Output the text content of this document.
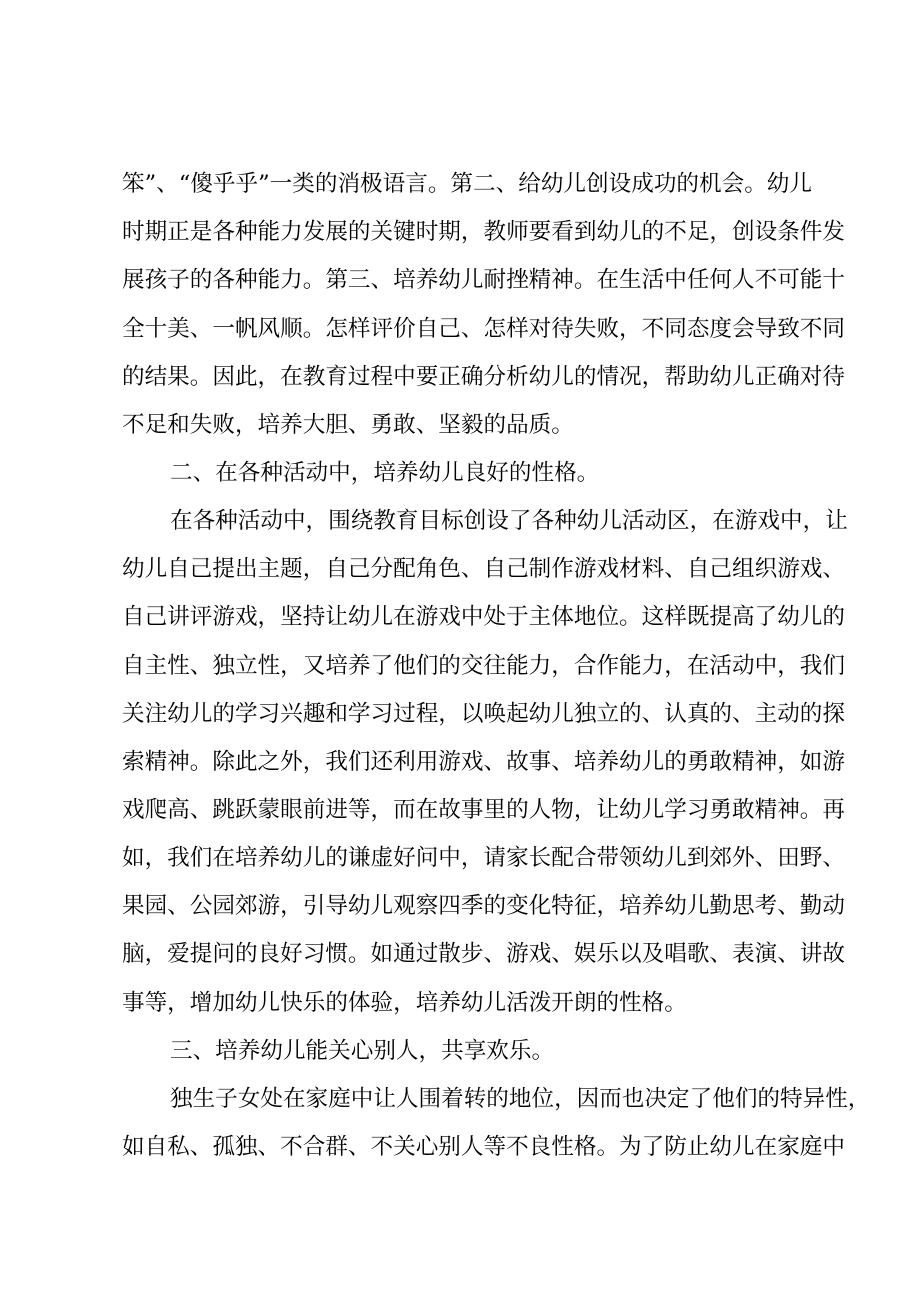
笨”、“傻乎乎”一类的消极语言。第二、给幼儿创设成功的机会。幼儿
时期正是各种能力发展的关键时期，教师要看到幼儿的不足，创设条件发
展孩子的各种能力。第三、培养幼儿耐挫精神。在生活中任何人不可能十
全十美、一帆风顺。怎样评价自己、怎样对待失败，不同态度会导致不同
的结果。因此，在教育过程中要正确分析幼儿的情况，帮助幼儿正确对待
不足和失败，培养大胆、勇敢、坚毅的品质。
二、在各种活动中，培养幼儿良好的性格。
在各种活动中，围绕教育目标创设了各种幼儿活动区，在游戏中，让
幼儿自己提出主题，自己分配角色、自己制作游戏材料、自己组织游戏、
自己讲评游戏，坚持让幼儿在游戏中处于主体地位。这样既提高了幼儿的
自主性、独立性，又培养了他们的交往能力，合作能力，在活动中，我们
关注幼儿的学习兴趣和学习过程，以唤起幼儿独立的、认真的、主动的探
索精神。除此之外，我们还利用游戏、故事、培养幼儿的勇敢精神，如游
戏爬高、跳跃蒙眼前进等，而在故事里的人物，让幼儿学习勇敢精神。再
如，我们在培养幼儿的谦虚好问中，请家长配合带领幼儿到郊外、田野、
果园、公园郊游，引导幼儿观察四季的变化特征，培养幼儿勤思考、勤动
脑，爱提问的良好习惯。如通过散步、游戏、娱乐以及唱歌、表演、讲故
事等，增加幼儿快乐的体验，培养幼儿活泼开朗的性格。
三、培养幼儿能关心别人，共享欢乐。
独生子女处在家庭中让人围着转的地位，因而也决定了他们的特异性，
如自私、孤独、不合群、不关心别人等不良性格。为了防止幼儿在家庭中
